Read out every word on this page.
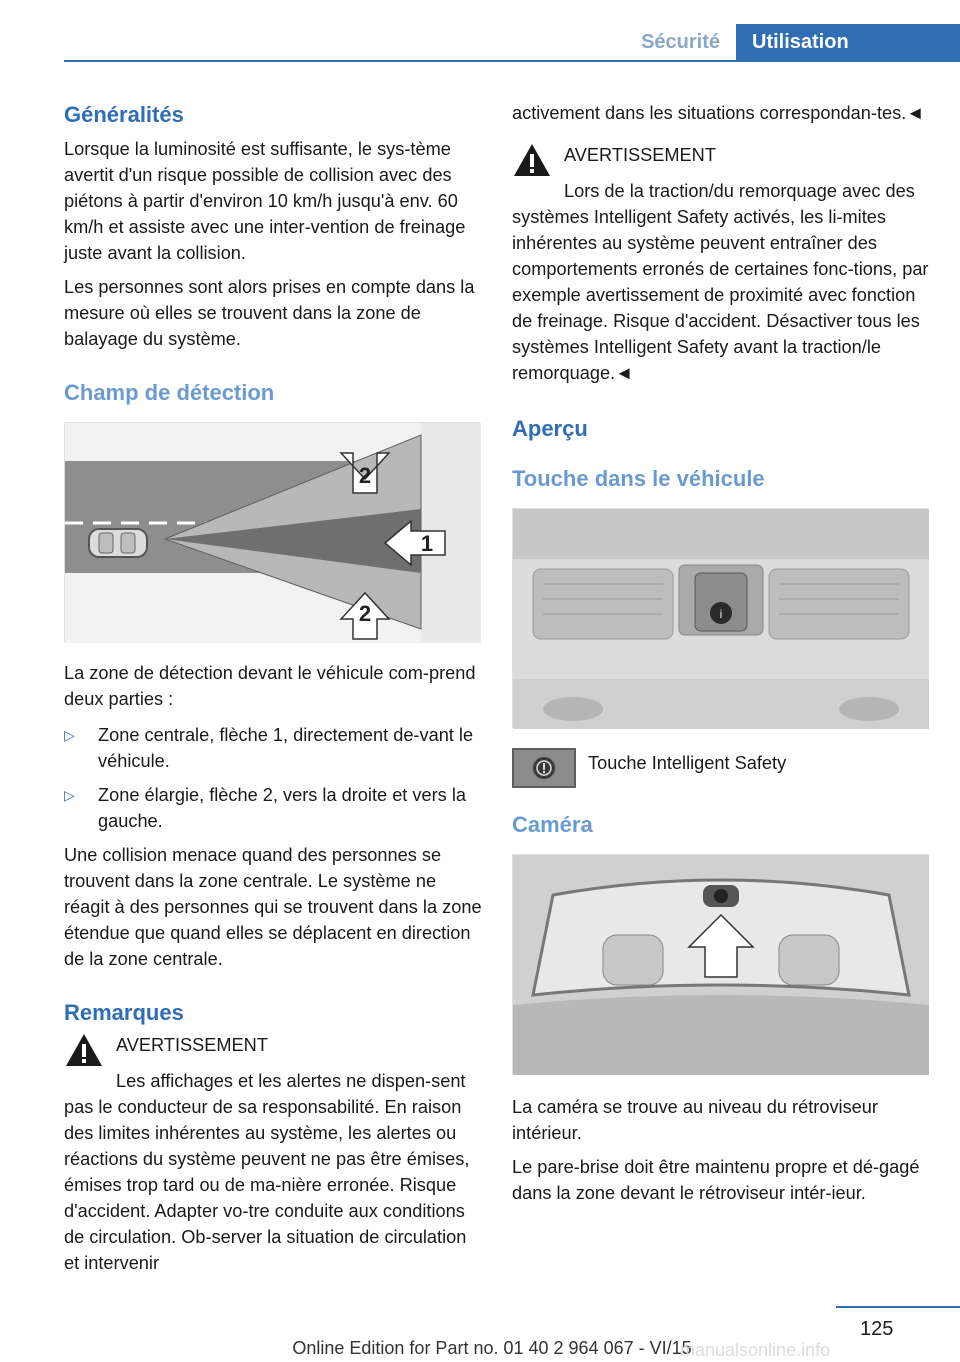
Sécurité	Utilisation
Généralités

Lorsque la luminosité est suffisante, le sys-tème avertit d'un risque possible de collision avec des piétons à partir d'environ 10 km/h jusqu'à env. 60 km/h et assiste avec une inter-vention de freinage juste avant la collision.

Les personnes sont alors prises en compte dans la mesure où elles se trouvent dans la zone de balayage du système.

Champ de détection
2
1
2

La zone de détection devant le véhicule com-prend deux parties :

▷	Zone centrale, flèche 1, directement de-vant le véhicule.
▷	Zone élargie, flèche 2, vers la droite et vers la gauche.

Une collision menace quand des personnes se trouvent dans la zone centrale. Le système ne réagit à des personnes qui se trouvent dans la zone étendue que quand elles se déplacent en direction de la zone centrale.

Remarques
AVERTISSEMENT

Les affichages et les alertes ne dispen-sent pas le conducteur de sa responsabilité. En raison des limites inhérentes au système, les alertes ou réactions du système peuvent ne pas être émises, émises trop tard ou de ma-nière erronée. Risque d'accident. Adapter vo-tre conduite aux conditions de circulation. Ob-server la situation de circulation et intervenir

activement dans les situations correspondan-tes.◄

AVERTISSEMENT

Lors de la traction/du remorquage avec des systèmes Intelligent Safety activés, les li-mites inhérentes au système peuvent entraîner des comportements erronés de certaines fonc-tions, par exemple avertissement de proximité avec fonction de freinage. Risque d'accident. Désactiver tous les systèmes Intelligent Safety avant la traction/le remorquage.◄

Aperçu
Touche dans le véhicule
i
Touche Intelligent Safety
Caméra

La caméra se trouve au niveau du rétroviseur intérieur.

Le pare-brise doit être maintenu propre et dé-gagé dans la zone devant le rétroviseur intér-ieur.

125
Online Edition for Part no. 01 40 2 964 067 - VI/15
manualsonline.info
